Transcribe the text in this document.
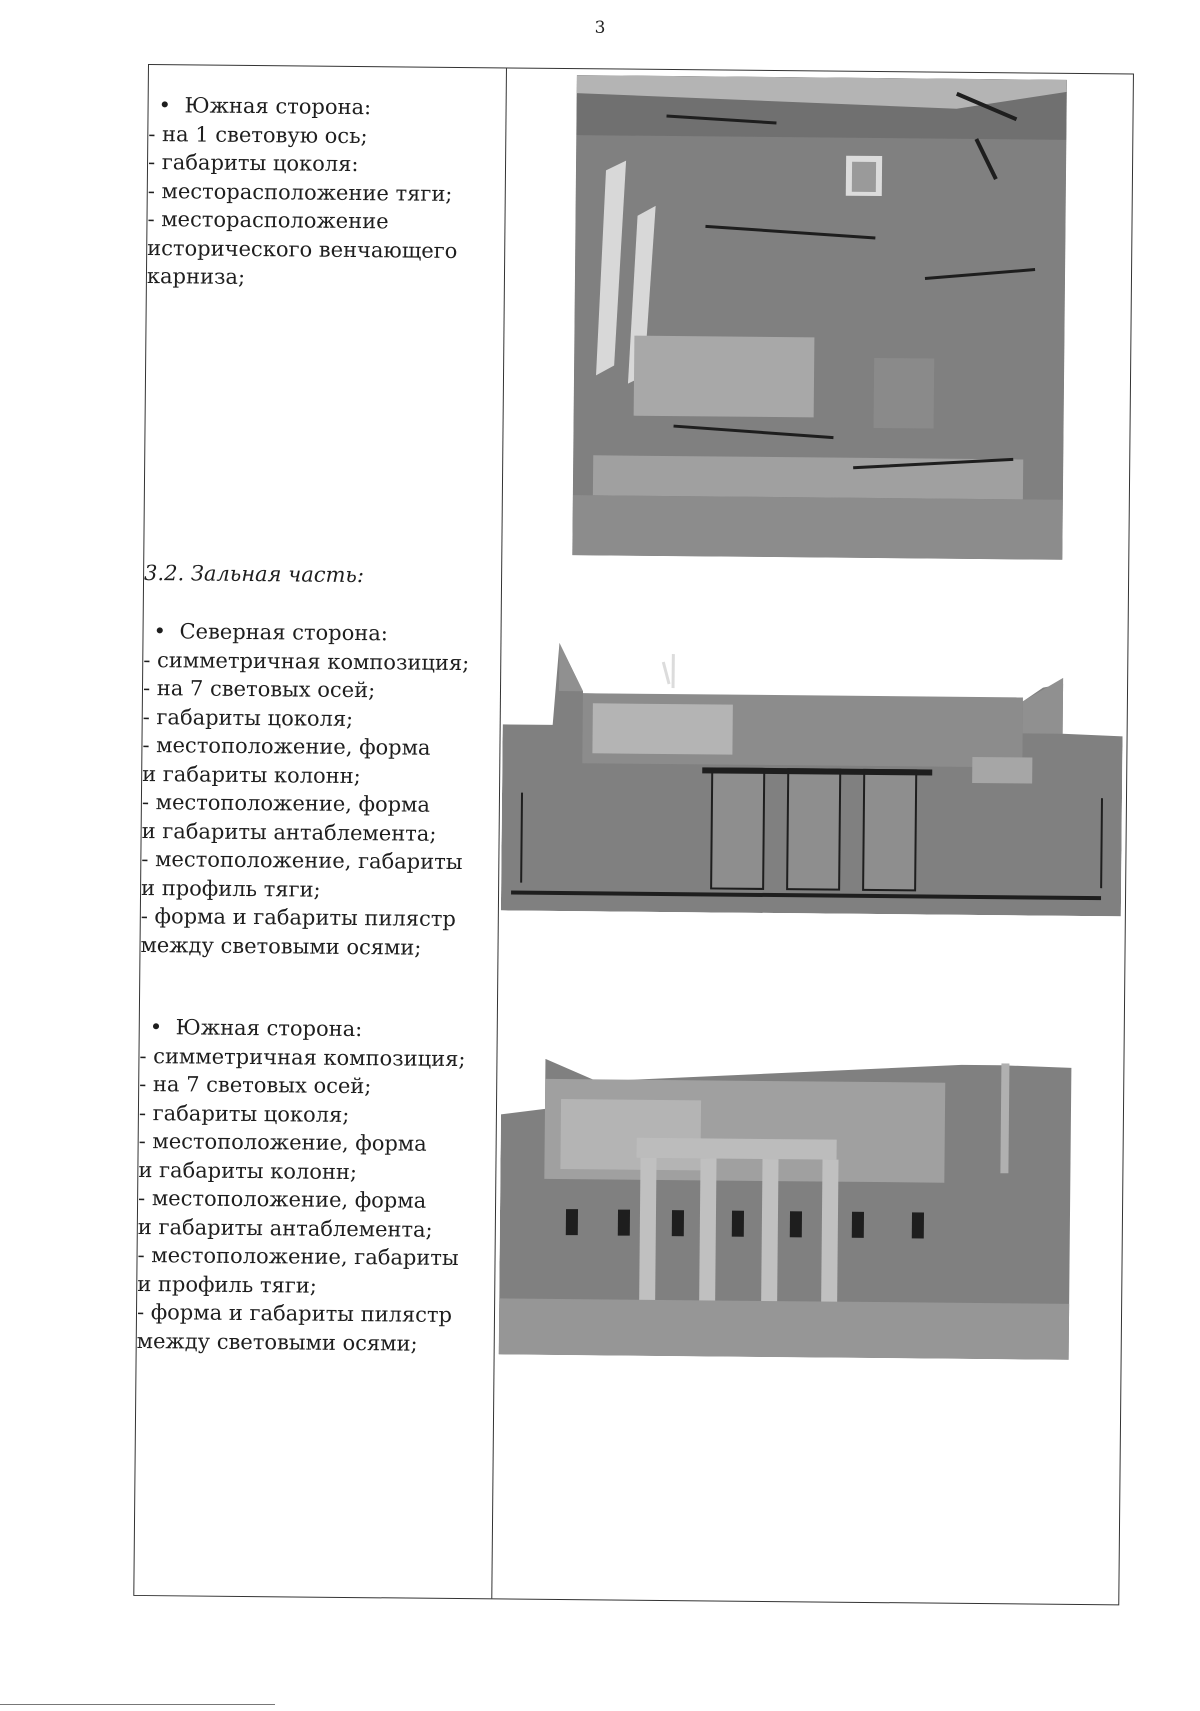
3
• Южная сторона:
- на 1 световую ось;
- габариты цоколя:
- месторасположение тяги;
- месторасположение
исторического венчающего
карниза;
3.2. Зальная часть:
• Северная сторона:
- симметричная композиция;
- на 7 световых осей;
- габариты цоколя;
- местоположение, форма
и габариты колонн;
- местоположение, форма
и габариты антаблемента;
- местоположение, габариты
и профиль тяги;
- форма и габариты пилястр
между световыми осями;
• Южная сторона:
- симметричная композиция;
- на 7 световых осей;
- габариты цоколя;
- местоположение, форма
и габариты колонн;
- местоположение, форма
и габариты антаблемента;
- местоположение, габариты
и профиль тяги;
- форма и габариты пилястр
между световыми осями;
